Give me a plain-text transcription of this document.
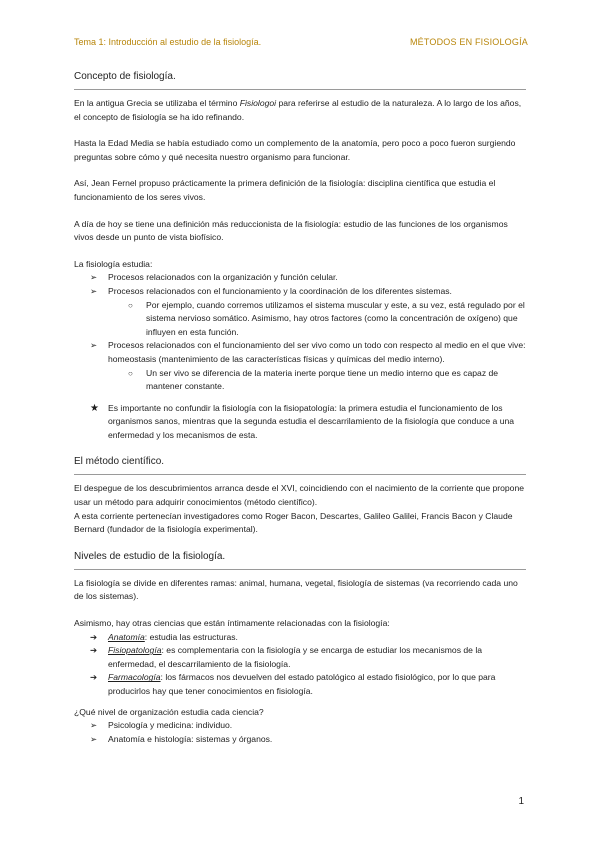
Tema 1: Introducción al estudio de la fisiología.	MÉTODOS EN FISIOLOGÍA
Concepto de fisiología.

En la antigua Grecia se utilizaba el término Fisiologoi para referirse al estudio de la naturaleza. A lo largo de los años, el concepto de fisiología se ha ido refinando.

Hasta la Edad Media se había estudiado como un complemento de la anatomía, pero poco a poco fueron surgiendo preguntas sobre cómo y qué necesita nuestro organismo para funcionar.

Así, Jean Fernel propuso prácticamente la primera definición de la fisiología: disciplina científica que estudia el funcionamiento de los seres vivos.

A día de hoy se tiene una definición más reduccionista de la fisiología: estudio de las funciones de los organismos vivos desde un punto de vista biofísico.

La fisiología estudia:
➢ Procesos relacionados con la organización y función celular.
➢ Procesos relacionados con el funcionamiento y la coordinación de los diferentes sistemas.
○ Por ejemplo, cuando corremos utilizamos el sistema muscular y este, a su vez, está regulado por el sistema nervioso somático. Asimismo, hay otros factores (como la concentración de oxígeno) que influyen en esta función.
➢ Procesos relacionados con el funcionamiento del ser vivo como un todo con respecto al medio en el que vive: homeostasis (mantenimiento de las características físicas y químicas del medio interno).
○ Un ser vivo se diferencia de la materia inerte porque tiene un medio interno que es capaz de mantener constante.
★ Es importante no confundir la fisiología con la fisiopatología: la primera estudia el funcionamiento de los organismos sanos, mientras que la segunda estudia el descarrilamiento de la fisiología que conduce a una enfermedad y los mecanismos de esta.
El método científico.
El despegue de los descubrimientos arranca desde el XVI, coincidiendo con el nacimiento de la corriente que propone usar un método para adquirir conocimientos (método científico).

A esta corriente pertenecían investigadores como Roger Bacon, Descartes, Galileo Galilei, Francis Bacon y Claude Bernard (fundador de la fisiología experimental).

Niveles de estudio de la fisiología.

La fisiología se divide en diferentes ramas: animal, humana, vegetal, fisiología de sistemas (va recorriendo cada uno de los sistemas).

Asimismo, hay otras ciencias que están íntimamente relacionadas con la fisiología:
➔ Anatomía: estudia las estructuras.
➔ Fisiopatología: es complementaria con la fisiología y se encarga de estudiar los mecanismos de la enfermedad, el descarrilamiento de la fisiología.
➔ Farmacología: los fármacos nos devuelven del estado patológico al estado fisiológico, por lo que para producirlos hay que tener conocimientos en fisiología.
¿Qué nivel de organización estudia cada ciencia?
➢ Psicología y medicina: individuo.
➢ Anatomía e histología: sistemas y órganos.
1
